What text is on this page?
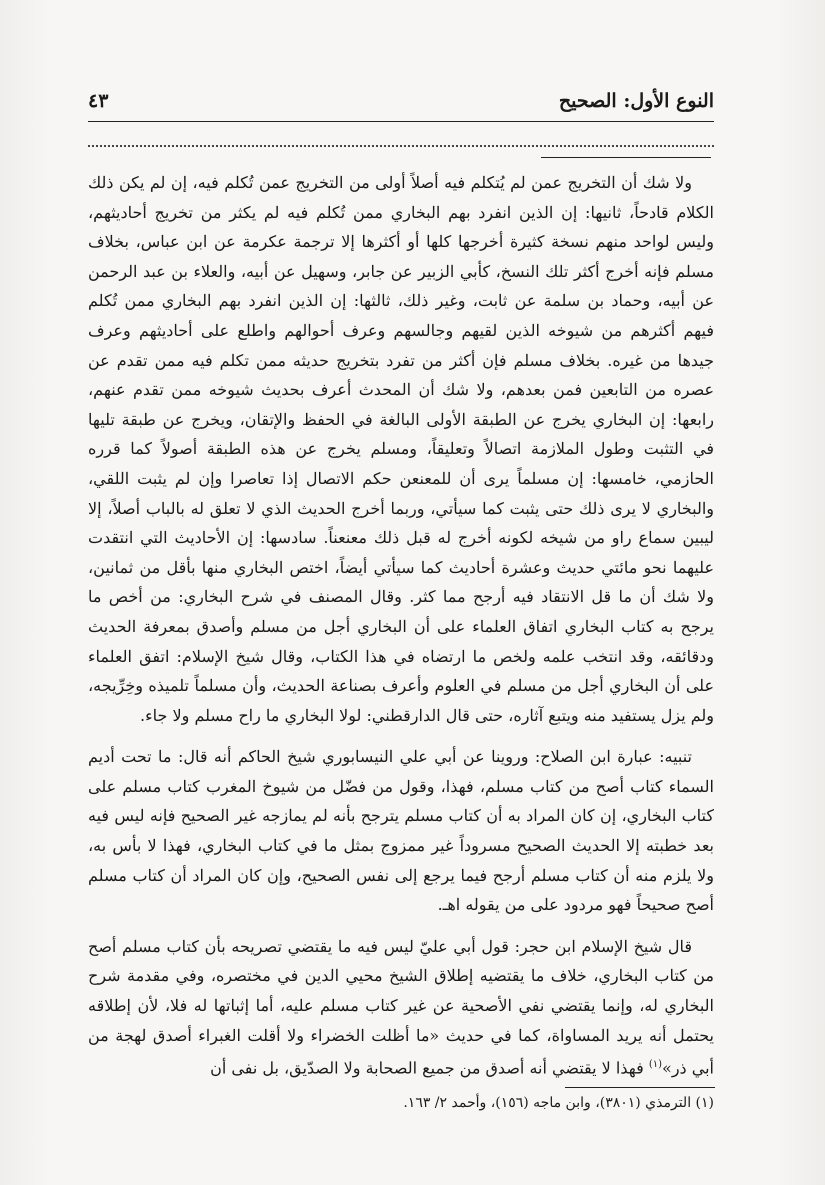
النوع الأول: الصحيح
٤٣

ولا شك أن التخريج عمن لم يُتكلم فيه أصلاً أولى من التخريج عمن تُكلم فيه، إن لم يكن ذلك الكلام قادحاً، ثانيها: إن الذين انفرد بهم البخاري ممن تُكلم فيه لم يكثر من تخريج أحاديثهم، وليس لواحد منهم نسخة كثيرة أخرجها كلها أو أكثرها إلا ترجمة عكرمة عن ابن عباس، بخلاف مسلم فإنه أخرج أكثر تلك النسخ، كأبي الزبير عن جابر، وسهيل عن أبيه، والعلاء بن عبد الرحمن عن أبيه، وحماد بن سلمة عن ثابت، وغير ذلك، ثالثها: إن الذين انفرد بهم البخاري ممن تُكلم فيهم أكثرهم من شيوخه الذين لقيهم وجالسهم وعرف أحوالهم واطلع على أحاديثهم وعرف جيدها من غيره. بخلاف مسلم فإن أكثر من تفرد بتخريج حديثه ممن تكلم فيه ممن تقدم عن عصره من التابعين فمن بعدهم، ولا شك أن المحدث أعرف بحديث شيوخه ممن تقدم عنهم، رابعها: إن البخاري يخرج عن الطبقة الأولى البالغة في الحفظ والإتقان، ويخرج عن طبقة تليها في التثبت وطول الملازمة اتصالاً وتعليقاً، ومسلم يخرج عن هذه الطبقة أصولاً كما قرره الحازمي، خامسها: إن مسلماً يرى أن للمعنعن حكم الاتصال إذا تعاصرا وإن لم يثبت اللقي، والبخاري لا يرى ذلك حتى يثبت كما سيأتي، وربما أخرج الحديث الذي لا تعلق له بالباب أصلاً، إلا ليبين سماع راو من شيخه لكونه أخرج له قبل ذلك معنعناً. سادسها: إن الأحاديث التي انتقدت عليهما نحو مائتي حديث وعشرة أحاديث كما سيأتي أيضاً، اختص البخاري منها بأقل من ثمانين، ولا شك أن ما قل الانتقاد فيه أرجح مما كثر. وقال المصنف في شرح البخاري: من أخص ما يرجح به كتاب البخاري اتفاق العلماء على أن البخاري أجل من مسلم وأصدق بمعرفة الحديث ودقائقه، وقد انتخب علمه ولخص ما ارتضاه في هذا الكتاب، وقال شيخ الإسلام: اتفق العلماء على أن البخاري أجل من مسلم في العلوم وأعرف بصناعة الحديث، وأن مسلماً تلميذه وخِرِّيجه، ولم يزل يستفيد منه ويتبع آثاره، حتى قال الدارقطني: لولا البخاري ما راح مسلم ولا جاء.

تنبيه: عبارة ابن الصلاح: وروينا عن أبي علي النيسابوري شيخ الحاكم أنه قال: ما تحت أديم السماء كتاب أصح من كتاب مسلم، فهذا، وقول من فضّل من شيوخ المغرب كتاب مسلم على كتاب البخاري، إن كان المراد به أن كتاب مسلم يترجح بأنه لم يمازجه غير الصحيح فإنه ليس فيه بعد خطبته إلا الحديث الصحيح مسروداً غير ممزوج بمثل ما في كتاب البخاري، فهذا لا بأس به، ولا يلزم منه أن كتاب مسلم أرجح فيما يرجع إلى نفس الصحيح، وإن كان المراد أن كتاب مسلم أصح صحيحاً فهو مردود على من يقوله اهـ.

قال شيخ الإسلام ابن حجر: قول أبي عليّ ليس فيه ما يقتضي تصريحه بأن كتاب مسلم أصح من كتاب البخاري، خلاف ما يقتضيه إطلاق الشيخ محيي الدين في مختصره، وفي مقدمة شرح البخاري له، وإنما يقتضي نفي الأصحية عن غير كتاب مسلم عليه، أما إثباتها له فلا، لأن إطلاقه يحتمل أنه يريد المساواة، كما في حديث «ما أظلت الخضراء ولا أقلت الغبراء أصدق لهجة من أبي ذر»$^{(١)}$ فهذا لا يقتضي أنه أصدق من جميع الصحابة ولا الصدّيق، بل نفى أن

(١) الترمذي (٣٨٠١)، وابن ماجه (١٥٦)، وأحمد ٢/ ١٦٣.
